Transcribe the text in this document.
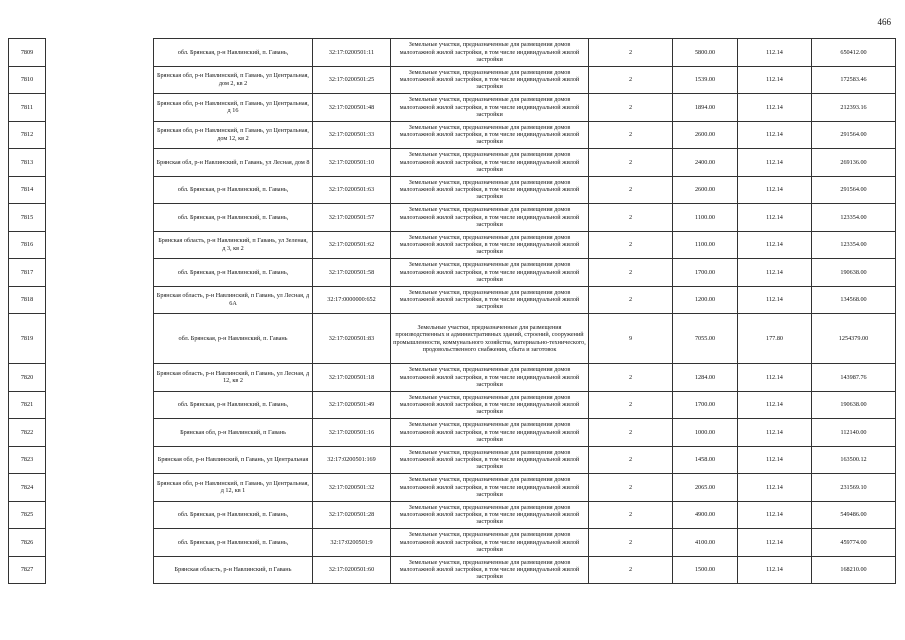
466
7809		обл. Брянская, р-н Навлинский, п. Гавань,	32:17:0200501:11	Земельные участки, предназначенные для размещения домов малоэтажной жилой застройки, в том числе индивидуальной жилой застройки	2	5800.00	112.14	650412.00
7810		Брянская обл, р-н Навлинский, п Гавань, ул Центральная, дом 2, кв 2	32:17:0200501:25	Земельные участки, предназначенные для размещения домов малоэтажной жилой застройки, в том числе индивидуальной жилой застройки	2	1539.00	112.14	172583.46
7811		Брянская обл, р-н Навлинский, п Гавань, ул Центральная, д 16	32:17:0200501:48	Земельные участки, предназначенные для размещения домов малоэтажной жилой застройки, в том числе индивидуальной жилой застройки	2	1894.00	112.14	212393.16
7812		Брянская обл, р-н Навлинский, п Гавань, ул Центральная, дом 12, кв 2	32:17:0200501:33	Земельные участки, предназначенные для размещения домов малоэтажной жилой застройки, в том числе индивидуальной жилой застройки	2	2600.00	112.14	291564.00
7813		Брянская обл, р-н Навлинский, п Гавань, ул Лесная, дом 8	32:17:0200501:10	Земельные участки, предназначенные для размещения домов малоэтажной жилой застройки, в том числе индивидуальной жилой застройки	2	2400.00	112.14	269136.00
7814		обл. Брянская, р-н Навлинский, п. Гавань,	32:17:0200501:63	Земельные участки, предназначенные для размещения домов малоэтажной жилой застройки, в том числе индивидуальной жилой застройки	2	2600.00	112.14	291564.00
7815		обл. Брянская, р-н Навлинский, п. Гавань,	32:17:0200501:57	Земельные участки, предназначенные для размещения домов малоэтажной жилой застройки, в том числе индивидуальной жилой застройки	2	1100.00	112.14	123354.00
7816		Брянская область, р-н Навлинский, п Гавань, ул Зеленая, д 3, кв 2	32:17:0200501:62	Земельные участки, предназначенные для размещения домов малоэтажной жилой застройки, в том числе индивидуальной жилой застройки	2	1100.00	112.14	123354.00
7817		обл. Брянская, р-н Навлинский, п. Гавань,	32:17:0200501:58	Земельные участки, предназначенные для размещения домов малоэтажной жилой застройки, в том числе индивидуальной жилой застройки	2	1700.00	112.14	190638.00
7818		Брянская область, р-н Навлинский, п Гавань, ул Лесная, д 6А	32:17:0000000:652	Земельные участки, предназначенные для размещения домов малоэтажной жилой застройки, в том числе индивидуальной жилой застройки	2	1200.00	112.14	134568.00
7819		обл. Брянская, р-н Навлинский, п. Гавань	32:17:0200501:83	Земельные участки, предназначенные для размещения производственных и административных зданий, строений, сооружений промышленности, коммунального хозяйства, материально-технического, продовольственного снабжения, сбыта и заготовок	9	7055.00	177.80	1254379.00
7820		Брянская область, р-н Навлинский, п Гавань, ул Лесная, д 12, кв 2	32:17:0200501:18	Земельные участки, предназначенные для размещения домов малоэтажной жилой застройки, в том числе индивидуальной жилой застройки	2	1284.00	112.14	143987.76
7821		обл. Брянская, р-н Навлинский, п. Гавань,	32:17:0200501:49	Земельные участки, предназначенные для размещения домов малоэтажной жилой застройки, в том числе индивидуальной жилой застройки	2	1700.00	112.14	190638.00
7822		Брянская обл, р-н Навлинский, п Гавань	32:17:0200501:16	Земельные участки, предназначенные для размещения домов малоэтажной жилой застройки, в том числе индивидуальной жилой застройки	2	1000.00	112.14	112140.00
7823		Брянская обл, р-н Навлинский, п Гавань, ул Центральная	32:17:0200501:169	Земельные участки, предназначенные для размещения домов малоэтажной жилой застройки, в том числе индивидуальной жилой застройки	2	1458.00	112.14	163500.12
7824		Брянская обл, р-н Навлинский, п Гавань, ул Центральная, д 12, кв 1	32:17:0200501:32	Земельные участки, предназначенные для размещения домов малоэтажной жилой застройки, в том числе индивидуальной жилой застройки	2	2065.00	112.14	231569.10
7825		обл. Брянская, р-н Навлинский, п. Гавань,	32:17:0200501:28	Земельные участки, предназначенные для размещения домов малоэтажной жилой застройки, в том числе индивидуальной жилой застройки	2	4900.00	112.14	549486.00
7826		обл. Брянская, р-н Навлинский, п. Гавань,	32:17:0200501:9	Земельные участки, предназначенные для размещения домов малоэтажной жилой застройки, в том числе индивидуальной жилой застройки	2	4100.00	112.14	459774.00
7827		Брянская область, р-н Навлинский, п Гавань	32:17:0200501:60	Земельные участки, предназначенные для размещения домов малоэтажной жилой застройки, в том числе индивидуальной жилой застройки	2	1500.00	112.14	168210.00
